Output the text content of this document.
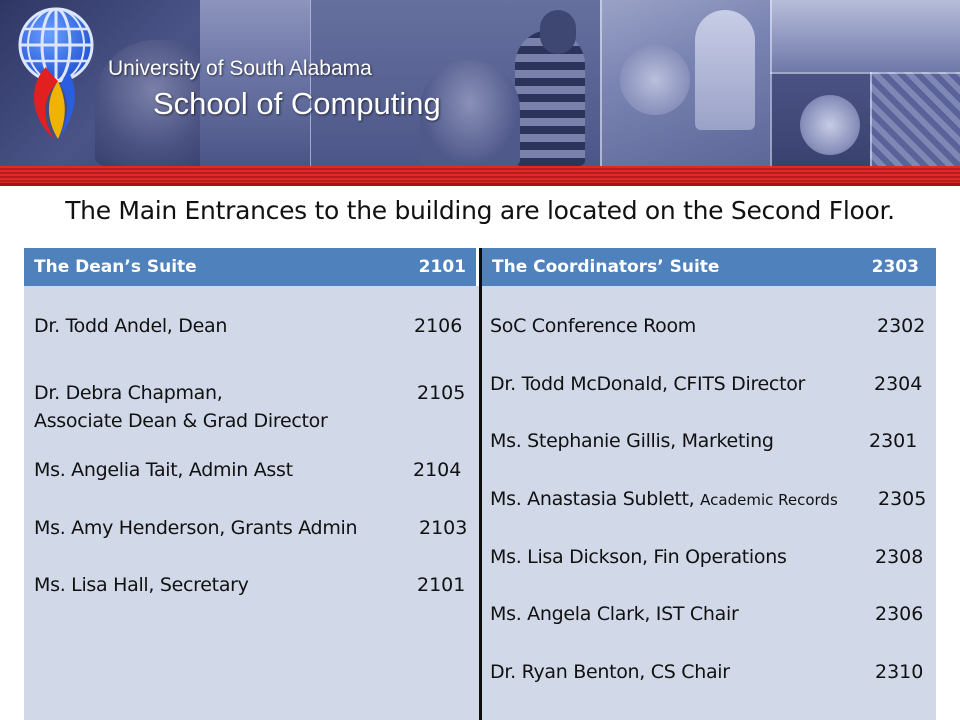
University of South Alabama
School of Computing
The Main Entrances to the building are located on the Second Floor.
The Dean’s Suite	2101
Dr. Todd Andel, Dean	2106
Dr. Debra Chapman,
Associate Dean & Grad Director
2105
Ms. Angelia Tait, Admin Asst	2104
Ms. Amy Henderson, Grants Admin	2103
Ms. Lisa Hall, Secretary	2101
The Coordinators’ Suite	2303
SoC Conference Room	2302
Dr. Todd McDonald, CFITS Director	2304
Ms. Stephanie Gillis, Marketing	2301
Ms. Anastasia Sublett, Academic Records 2305
Ms. Lisa Dickson, Fin Operations	2308
Ms. Angela Clark, IST Chair	2306
Dr. Ryan Benton, CS Chair	2310
